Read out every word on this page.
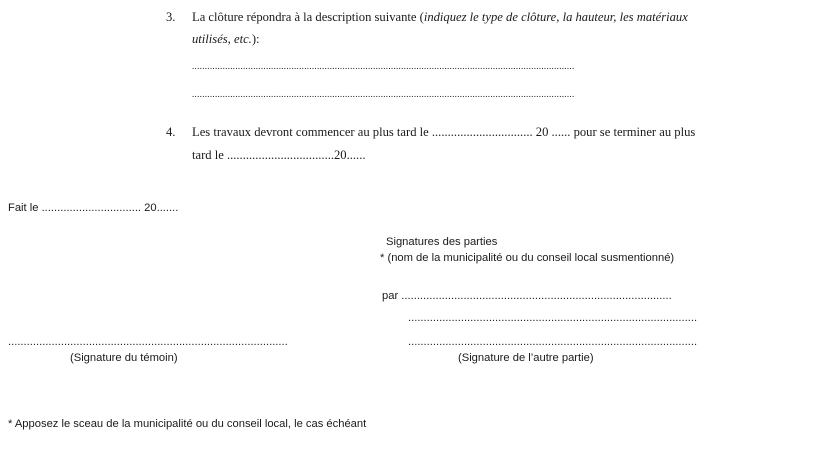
3. La clôture répondra à la description suivante (indiquez le type de clôture, la hauteur, les matériaux
utilisés, etc.):
......................................................................................................................................................
......................................................................................................................................................
4. Les travaux devront commencer au plus tard le ................................ 20 ...... pour se terminer au plus
tard le ..................................20......
Fait le ................................ 20.......
Signatures des parties
* (nom de la municipalité ou du conseil local susmentionné)
par .......................................................................................
.............................................................................................
.............................................................................................
..........................................................................................
(Signature du témoin)	(Signature de l’autre partie)
* Apposez le sceau de la municipalité ou du conseil local, le cas échéant
